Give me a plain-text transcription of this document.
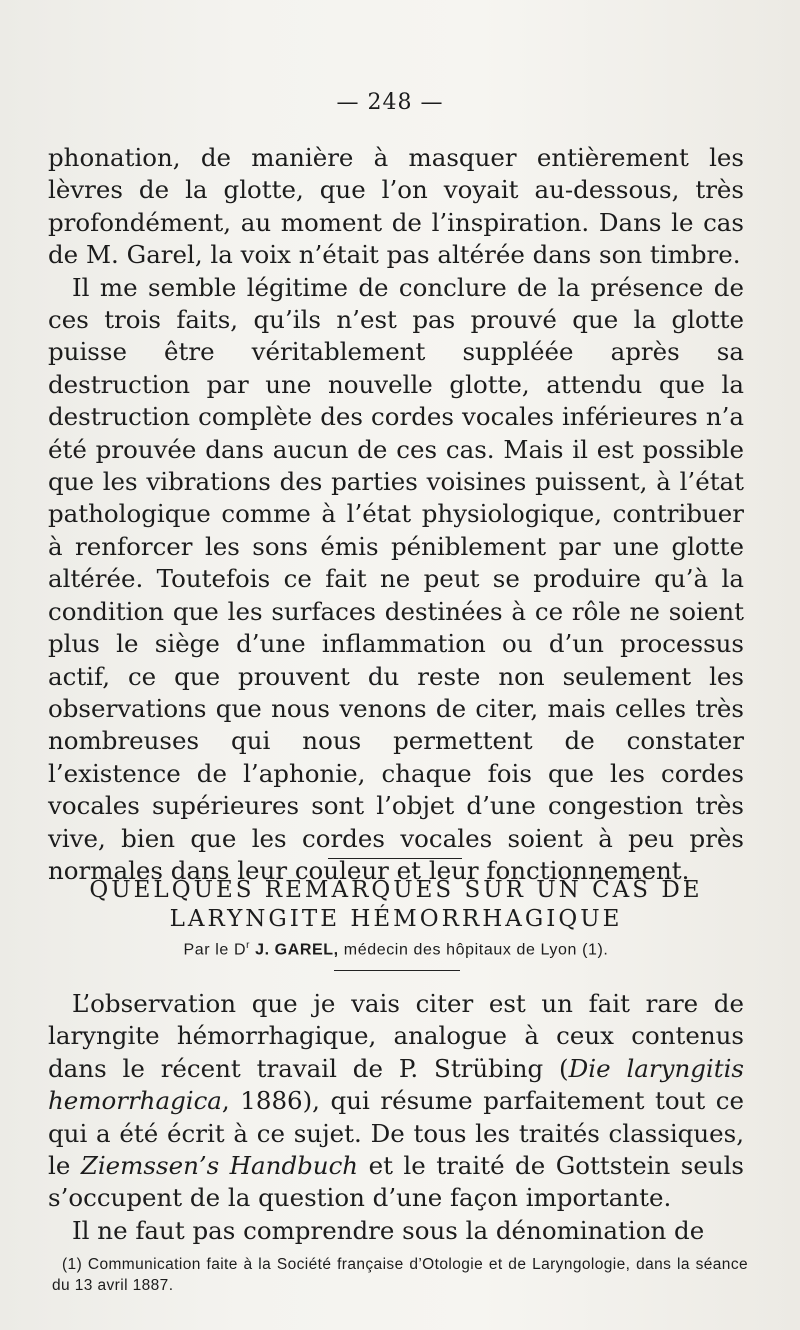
— 248 —

phonation, de manière à masquer entièrement les lèvres de la glotte, que l’on voyait au-dessous, très profondément, au moment de l’inspiration. Dans le cas de M. Garel, la voix n’était pas altérée dans son timbre.

Il me semble légitime de conclure de la présence de ces trois faits, qu’ils n’est pas prouvé que la glotte puisse être véritablement suppléée après sa destruction par une nouvelle glotte, attendu que la destruction complète des cordes vocales inférieures n’a été prouvée dans aucun de ces cas. Mais il est possible que les vibrations des parties voisines puissent, à l’état pathologique comme à l’état physiologique, contribuer à renforcer les sons émis péniblement par une glotte altérée. Toutefois ce fait ne peut se produire qu’à la condition que les surfaces destinées à ce rôle ne soient plus le siège d’une inflammation ou d’un processus actif, ce que prouvent du reste non seulement les observations que nous venons de citer, mais celles très nombreuses qui nous permettent de constater l’existence de l’aphonie, chaque fois que les cordes vocales supérieures sont l’objet d’une congestion très vive, bien que les cordes vocales soient à peu près normales dans leur couleur et leur fonctionnement.

QUELQUES REMARQUES SUR UN CAS DE
LARYNGITE HÉMORRHAGIQUE
Par le $D^r$ J. GAREL, médecin des hôpitaux de Lyon (1).

L’observation que je vais citer est un fait rare de laryngite hémorrhagique, analogue à ceux contenus dans le récent travail de P. Strübing (Die laryngitis hemorrhagica, 1886), qui résume parfaitement tout ce qui a été écrit à ce sujet. De tous les traités classiques, le Ziemssen’s Handbuch et le traité de Gottstein seuls s’occupent de la question d’une façon importante.

Il ne faut pas comprendre sous la dénomination de

(1) Communication faite à la Société française d’Otologie et de Laryngologie, dans la séance du 13 avril 1887.
